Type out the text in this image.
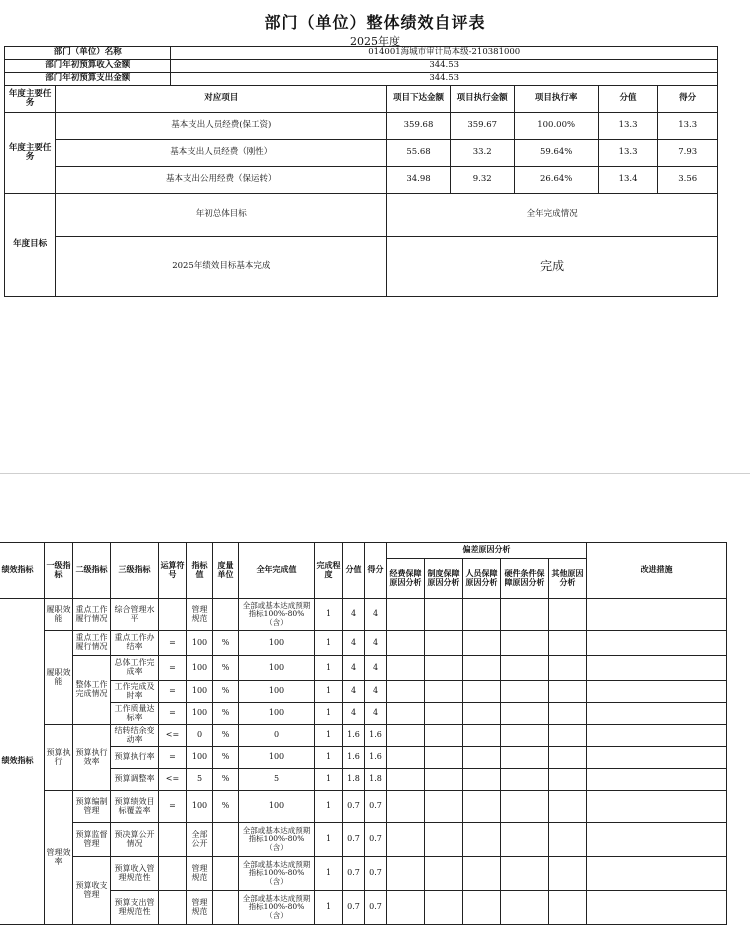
部门（单位）整体绩效自评表
2025年度
部门（单位）名称		014001海城市审计局本级-210381000					
部门年初预算收入金额		344.53					
部门年初预算支出金额		344.53					
年度主要任务	对应项目		项目下达金额	项目执行金额	项目执行率	分值	得分
年度主要任务	基本支出人员经费(保工资)		359.68	359.67	100.00%	13.3	13.3
	基本支出人员经费（刚性）		55.68	33.2	59.64%	13.3	7.93
	基本支出公用经费（保运转）		34.98	9.32	26.64%	13.4	3.56
年度目标	年初总体目标		全年完成情况				
	2025年绩效目标基本完成		完成				
绩效指标	一级指标	二级指标	三级指标	运算符号	指标值	度量单位	全年完成值	完成程度	分值	得分	偏差原因分析					改进措施
											经费保障原因分析	制度保障原因分析	人员保障原因分析	硬件条件保障原因分析	其他原因分析	
绩效指标	履职效能	重点工作履行情况	综合管理水平		管理规范		全部或基本达成预期指标100%-80%（含）	1	4	4						
	履职效能	重点工作履行情况	重点工作办结率	=	100	%	100	1	4	4						
		整体工作完成情况	总体工作完成率	=	100	%	100	1	4	4						
			工作完成及时率	=	100	%	100	1	4	4						
			工作质量达标率	=	100	%	100	1	4	4						
	预算执行	预算执行效率	结转结余变动率	<=	0	%	0	1	1.6	1.6						
			预算执行率	=	100	%	100	1	1.6	1.6						
			预算调整率	<=	5	%	5	1	1.8	1.8						
	管理效率	预算编制管理	预算绩效目标覆盖率	=	100	%	100	1	0.7	0.7						
		预算监督管理	预决算公开情况		全部公开		全部或基本达成预期指标100%-80%（含）	1	0.7	0.7						
		预算收支管理	预算收入管理规范性		管理规范		全部或基本达成预期指标100%-80%（含）	1	0.7	0.7						
			预算支出管理规范性		管理规范		全部或基本达成预期指标100%-80%（含）	1	0.7	0.7						
